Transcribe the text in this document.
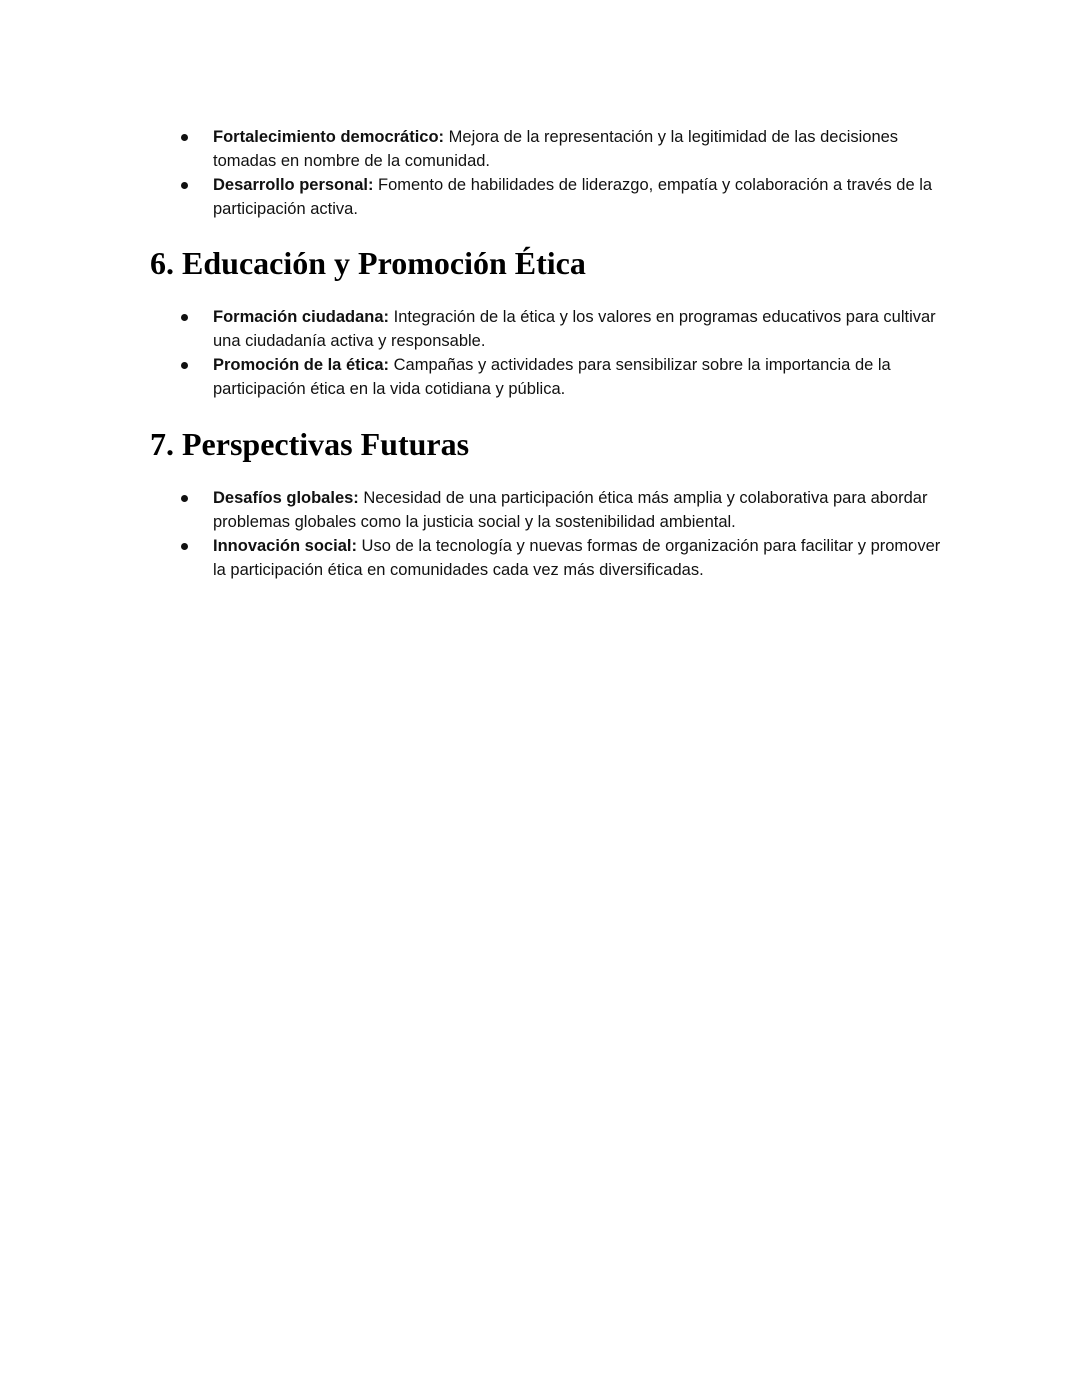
Fortalecimiento democrático: Mejora de la representación y la legitimidad de las decisiones tomadas en nombre de la comunidad.
Desarrollo personal: Fomento de habilidades de liderazgo, empatía y colaboración a través de la participación activa.
6. Educación y Promoción Ética
Formación ciudadana: Integración de la ética y los valores en programas educativos para cultivar una ciudadanía activa y responsable.
Promoción de la ética: Campañas y actividades para sensibilizar sobre la importancia de la participación ética en la vida cotidiana y pública.
7. Perspectivas Futuras
Desafíos globales: Necesidad de una participación ética más amplia y colaborativa para abordar problemas globales como la justicia social y la sostenibilidad ambiental.
Innovación social: Uso de la tecnología y nuevas formas de organización para facilitar y promover la participación ética en comunidades cada vez más diversificadas.
